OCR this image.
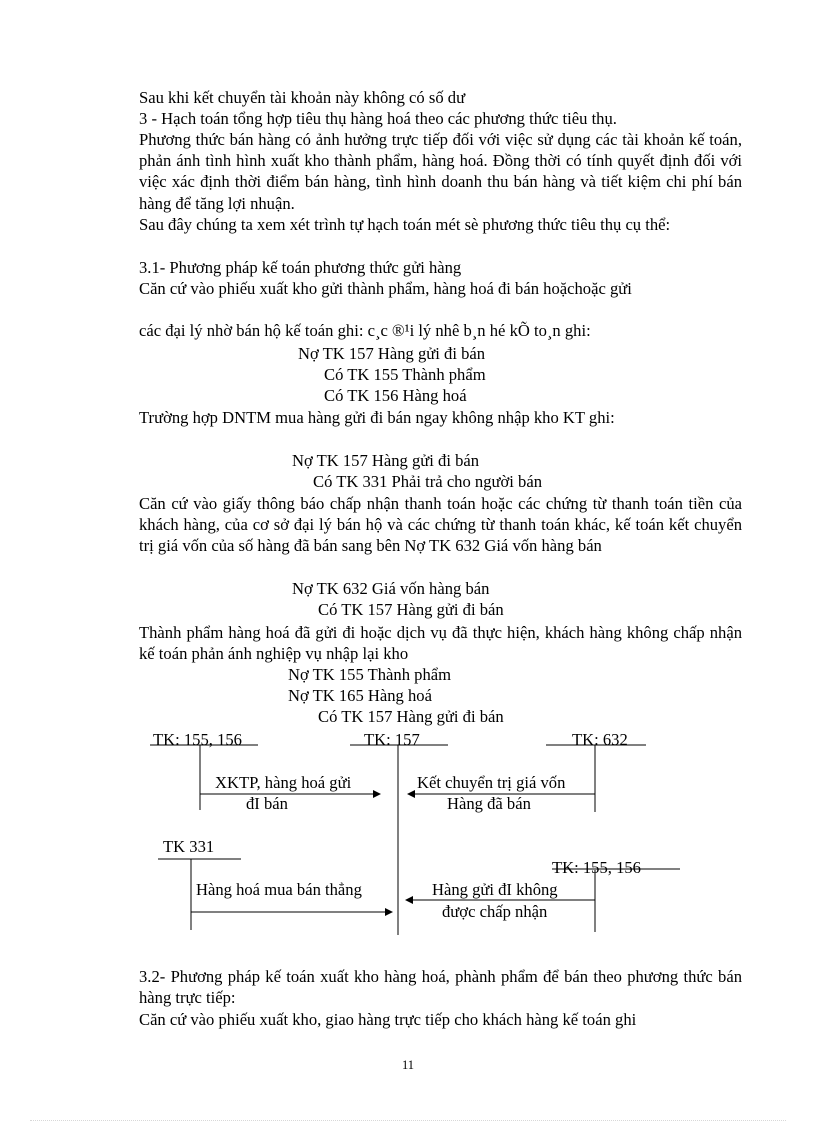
Sau khi kết chuyển tài khoản này không có số dư

3 - Hạch toán tổng hợp tiêu thụ hàng hoá theo các phương thức tiêu thụ.

Phương thức bán hàng có ảnh hưởng trực tiếp đối với việc sử dụng các tài khoản kế toán, phản ánh tình hình xuất kho thành phẩm, hàng hoá. Đồng thời có tính quyết định đối với việc xác định thời điểm bán hàng, tình hình doanh thu bán hàng và tiết kiệm chi phí bán hàng để tăng lợi nhuận.

Sau đây chúng ta xem xét trình tự hạch toán mét sè phương thức tiêu thụ cụ thể:

3.1- Phương pháp kế toán phương thức gửi hàng

Căn cứ vào phiếu xuất kho gửi thành phẩm, hàng hoá đi bán hoặchoặc gửi

các đại lý nhờ bán hộ kế toán ghi: c¸c ®¹i lý nhê b¸n hé kÕ to¸n ghi:

Nợ TK 157 Hàng gửi đi bán
Có TK 155 Thành phẩm
Có TK 156 Hàng hoá

Trường hợp DNTM mua hàng gửi đi bán ngay không nhập kho KT ghi:

Nợ TK 157 Hàng gửi đi bán
Có TK 331 Phải trả cho người bán

Căn cứ vào giấy thông báo chấp nhận thanh toán hoặc các chứng từ thanh toán tiền của khách hàng, của cơ sở đại lý bán hộ và các chứng từ thanh toán khác, kế toán kết chuyển trị giá vốn của số hàng đã bán sang bên Nợ TK 632 Giá vốn hàng bán

Nợ TK 632 Giá vốn hàng bán
Có TK 157 Hàng gửi đi bán

Thành phẩm hàng hoá đã gửi đi hoặc dịch vụ đã thực hiện, khách hàng không chấp nhận kế toán phản ánh nghiệp vụ nhập lại kho

Nợ TK 155 Thành phẩm
Nợ TK 165 Hàng hoá
Có TK 157 Hàng gửi đi bán
TK: 155, 156	TK: 157	TK: 632
XKTP, hàng hoá gửi
đI bán
Kết chuyển trị giá vốn
Hàng đã bán
TK 331
TK: 155, 156
Hàng hoá mua bán thẳng	Hàng gửi đI không
được chấp nhận

3.2- Phương pháp kế toán xuất kho hàng hoá, phành phẩm để bán theo phương thức bán hàng trực tiếp:

Căn cứ vào phiếu xuất kho, giao hàng trực tiếp cho khách hàng kế toán ghi

11
